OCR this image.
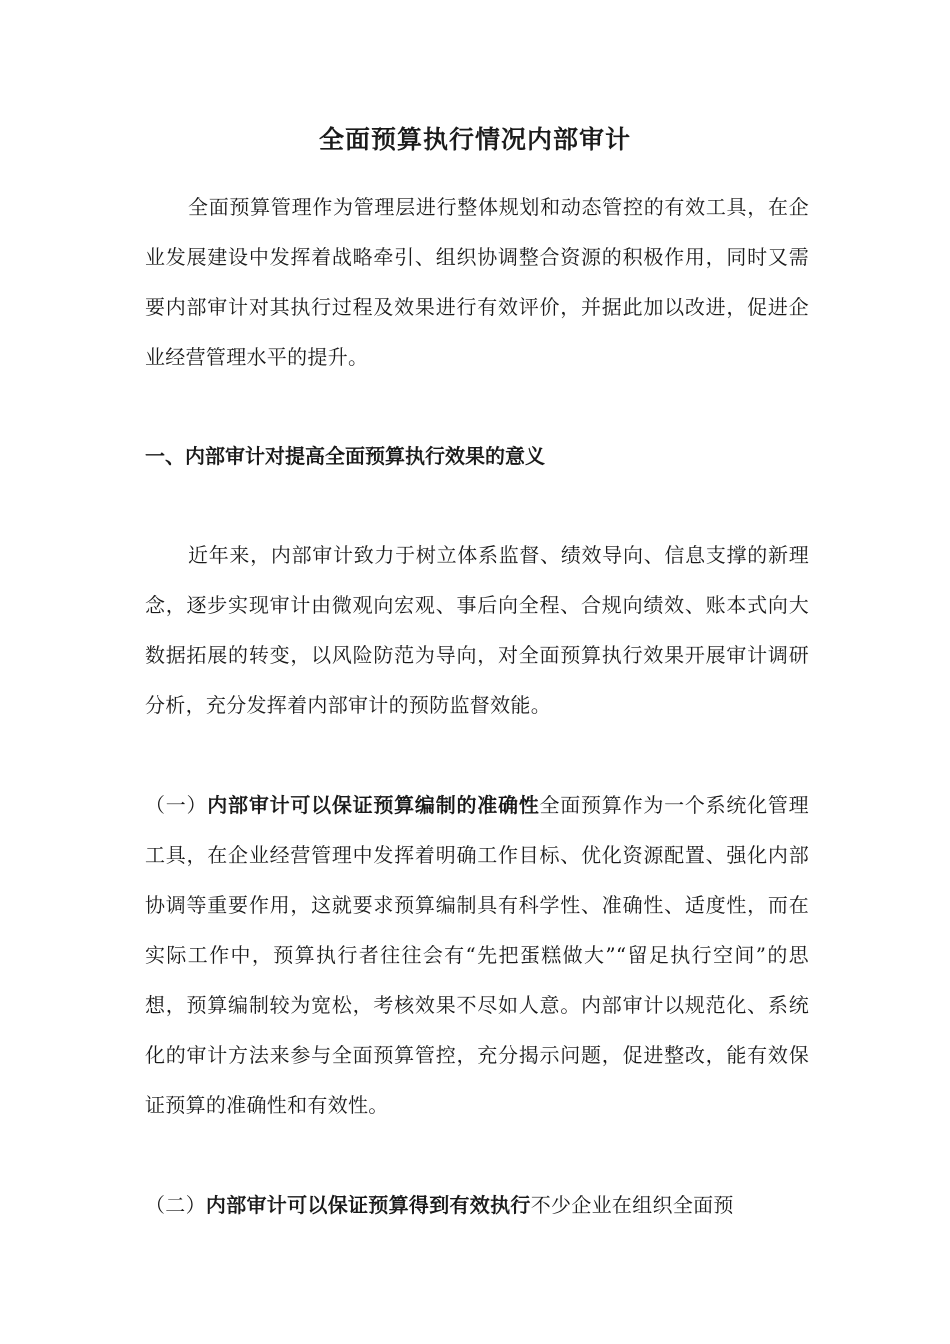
全面预算执行情况内部审计

全面预算管理作为管理层进行整体规划和动态管控的有效工具，在企业发展建设中发挥着战略牵引、组织协调整合资源的积极作用，同时又需要内部审计对其执行过程及效果进行有效评价，并据此加以改进，促进企业经营管理水平的提升。

一、内部审计对提高全面预算执行效果的意义

近年来，内部审计致力于树立体系监督、绩效导向、信息支撑的新理念，逐步实现审计由微观向宏观、事后向全程、合规向绩效、账本式向大数据拓展的转变，以风险防范为导向，对全面预算执行效果开展审计调研分析，充分发挥着内部审计的预防监督效能。

（一）内部审计可以保证预算编制的准确性全面预算作为一个系统化管理工具，在企业经营管理中发挥着明确工作目标、优化资源配置、强化内部协调等重要作用，这就要求预算编制具有科学性、准确性、适度性，而在实际工作中，预算执行者往往会有“先把蛋糕做大”“留足执行空间”的思想，预算编制较为宽松，考核效果不尽如人意。内部审计以规范化、系统化的审计方法来参与全面预算管控，充分揭示问题，促进整改，能有效保证预算的准确性和有效性。

（二）内部审计可以保证预算得到有效执行不少企业在组织全面预
